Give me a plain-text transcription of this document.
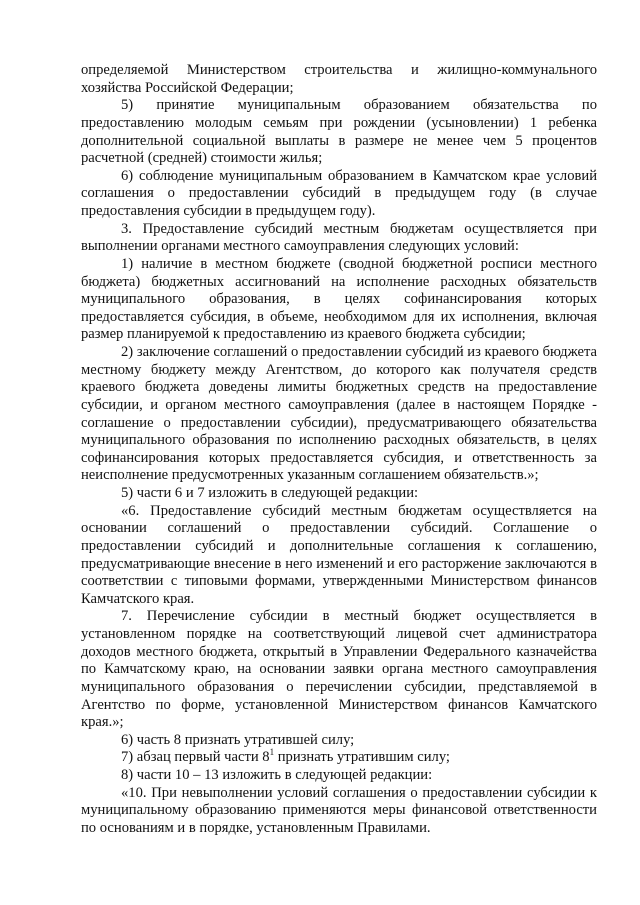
определяемой Министерством строительства и жилищно-коммунального хозяйства Российской Федерации;

5) принятие муниципальным образованием обязательства по предоставлению молодым семьям при рождении (усыновлении) 1 ребенка дополнительной социальной выплаты в размере не менее чем 5 процентов расчетной (средней) стоимости жилья;

6) соблюдение муниципальным образованием в Камчатском крае условий соглашения о предоставлении субсидий в предыдущем году (в случае предоставления субсидии в предыдущем году).

3. Предоставление субсидий местным бюджетам осуществляется при выполнении органами местного самоуправления следующих условий:

1) наличие в местном бюджете (сводной бюджетной росписи местного бюджета) бюджетных ассигнований на исполнение расходных обязательств муниципального образования, в целях софинансирования которых предоставляется субсидия, в объеме, необходимом для их исполнения, включая размер планируемой к предоставлению из краевого бюджета субсидии;

2) заключение соглашений о предоставлении субсидий из краевого бюджета местному бюджету между Агентством, до которого как получателя средств краевого бюджета доведены лимиты бюджетных средств на предоставление субсидии, и органом местного самоуправления (далее в настоящем Порядке - соглашение о предоставлении субсидии), предусматривающего обязательства муниципального образования по исполнению расходных обязательств, в целях софинансирования которых предоставляется субсидия, и ответственность за неисполнение предусмотренных указанным соглашением обязательств.»;

5) части 6 и 7 изложить в следующей редакции:

«6. Предоставление субсидий местным бюджетам осуществляется на основании соглашений о предоставлении субсидий. Соглашение о предоставлении субсидий и дополнительные соглашения к соглашению, предусматривающие внесение в него изменений и его расторжение заключаются в соответствии с типовыми формами, утвержденными Министерством финансов Камчатского края.

7. Перечисление субсидии в местный бюджет осуществляется в установленном порядке на соответствующий лицевой счет администратора доходов местного бюджета, открытый в Управлении Федерального казначейства по Камчатскому краю, на основании заявки органа местного самоуправления муниципального образования о перечислении субсидии, представляемой в Агентство по форме, установленной Министерством финансов Камчатского края.»;

6) часть 8 признать утратившей силу;

7) абзац первый части $8^1$ признать утратившим силу;

8) части 10 – 13 изложить в следующей редакции:

«10. При невыполнении условий соглашения о предоставлении субсидии к муниципальному образованию применяются меры финансовой ответственности по основаниям и в порядке, установленным Правилами.
